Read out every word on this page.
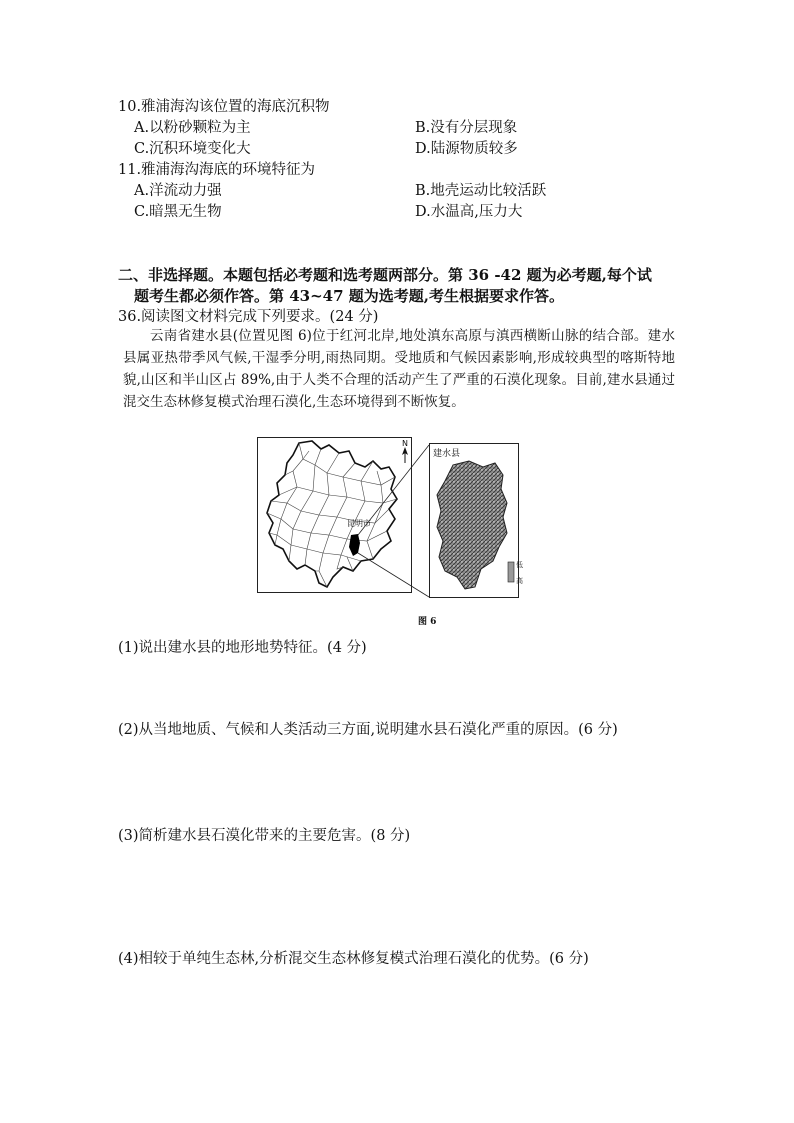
10.雅浦海沟该位置的海底沉积物
A.以粉砂颗粒为主	B.没有分层现象
C.沉积环境变化大	D.陆源物质较多
11.雅浦海沟海底的环境特征为
A.洋流动力强	B.地壳运动比较活跃
C.暗黑无生物	D.水温高,压力大
二、非选择题。本题包括必考题和选考题两部分。第 36 -42 题为必考题,每个试
题考生都必须作答。第 43~47 题为选考题,考生根据要求作答。
36.阅读图文材料完成下列要求。(24 分)
云南省建水县(位置见图 6)位于红河北岸,地处滇东高原与滇西横断山脉的结合部。建水县属亚热带季风气候,干湿季分明,雨热同期。受地质和气候因素影响,形成较典型的喀斯特地貌,山区和半山区占 89%,由于人类不合理的活动产生了严重的石漠化现象。目前,建水县通过混交生态林修复模式治理石漠化,生态环境得到不断恢复。
昆明市
N
建水县
低
高
图 6
(1)说出建水县的地形地势特征。(4 分)
(2)从当地地质、气候和人类活动三方面,说明建水县石漠化严重的原因。(6 分)
(3)简析建水县石漠化带来的主要危害。(8 分)
(4)相较于单纯生态林,分析混交生态林修复模式治理石漠化的优势。(6 分)
